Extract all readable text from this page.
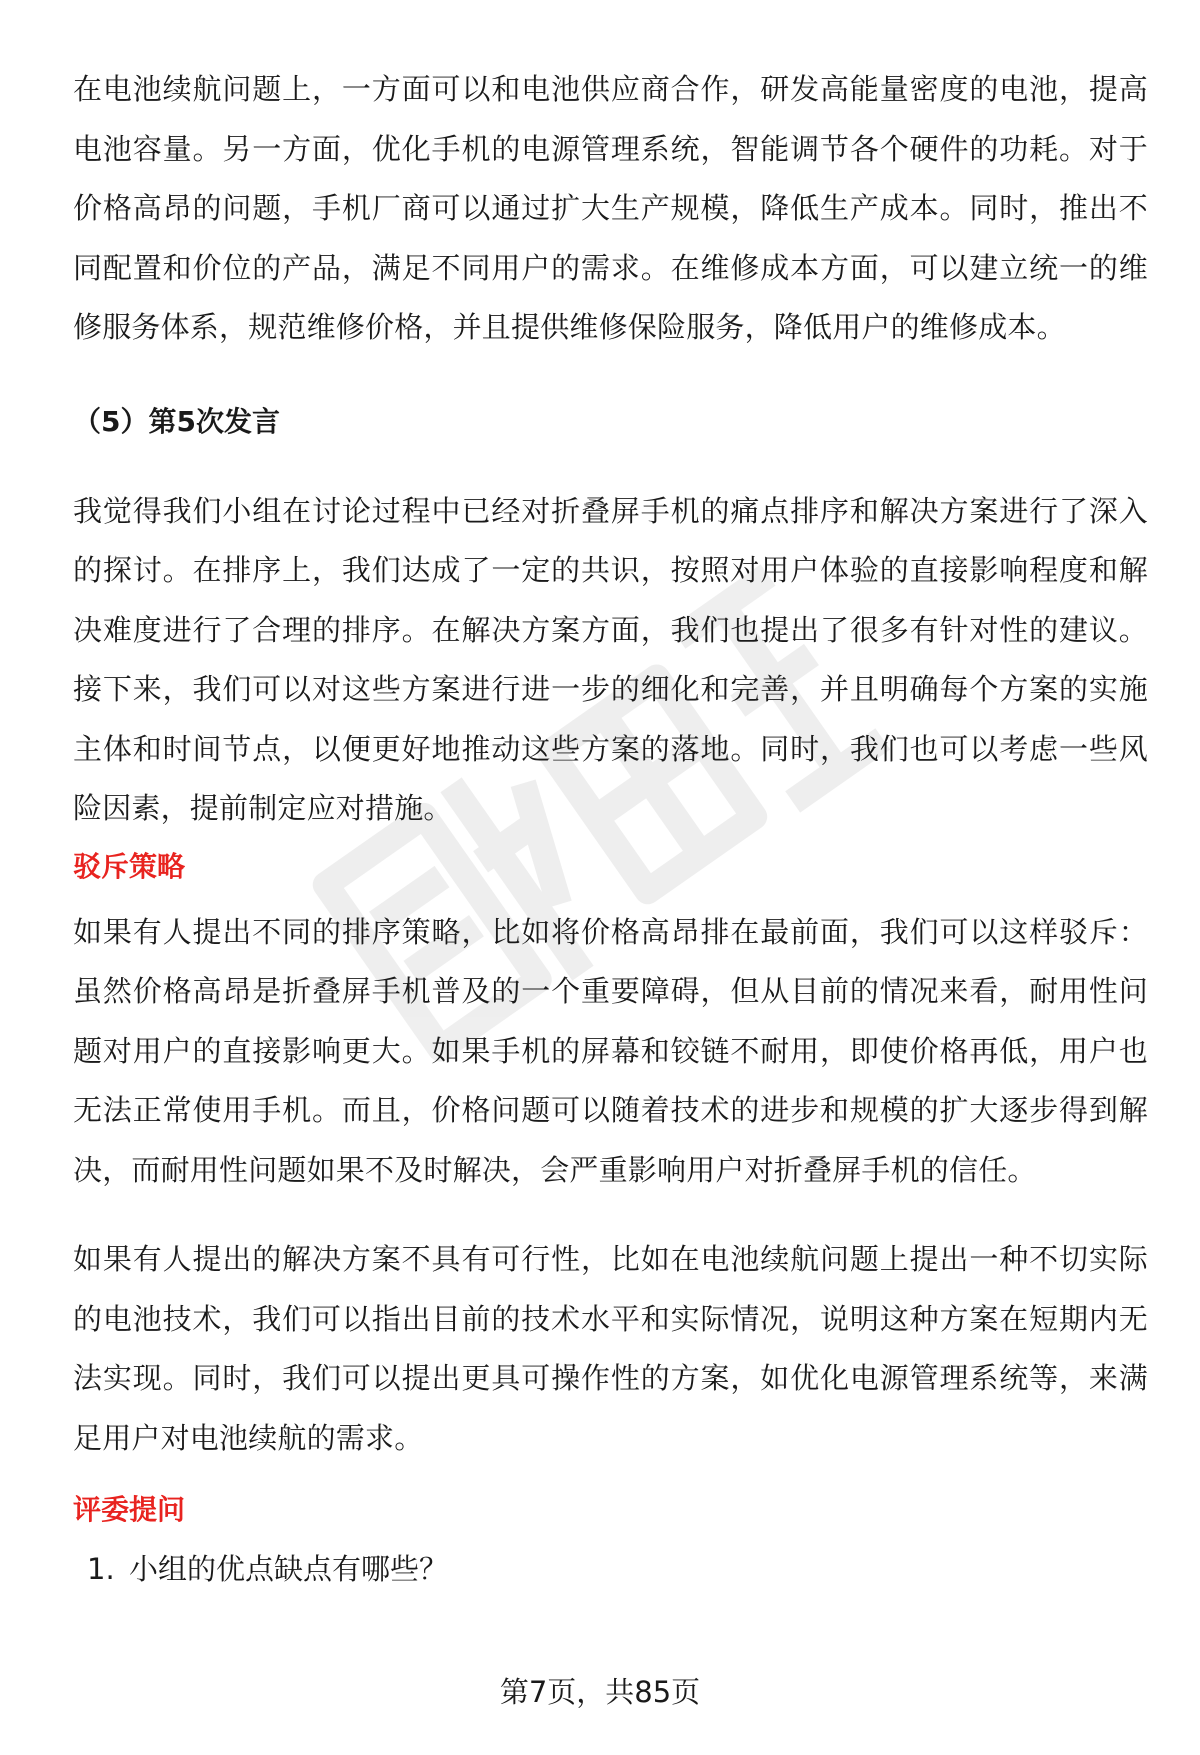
在电池续航问题上，一方面可以和电池供应商合作，研发高能量密度的电池，提高电池容量。另一方面，优化手机的电源管理系统，智能调节各个硬件的功耗。对于价格高昂的问题，手机厂商可以通过扩大生产规模，降低生产成本。同时，推出不同配置和价位的产品，满足不同用户的需求。在维修成本方面，可以建立统一的维修服务体系，规范维修价格，并且提供维修保险服务，降低用户的维修成本。

（5）第5次发言

我觉得我们小组在讨论过程中已经对折叠屏手机的痛点排序和解决方案进行了深入的探讨。在排序上，我们达成了一定的共识，按照对用户体验的直接影响程度和解决难度进行了合理的排序。在解决方案方面，我们也提出了很多有针对性的建议。接下来，我们可以对这些方案进行进一步的细化和完善，并且明确每个方案的实施主体和时间节点，以便更好地推动这些方案的落地。同时，我们也可以考虑一些风险因素，提前制定应对措施。

驳斥策略

如果有人提出不同的排序策略，比如将价格高昂排在最前面，我们可以这样驳斥：虽然价格高昂是折叠屏手机普及的一个重要障碍，但从目前的情况来看，耐用性问题对用户的直接影响更大。如果手机的屏幕和铰链不耐用，即使价格再低，用户也无法正常使用手机。而且，价格问题可以随着技术的进步和规模的扩大逐步得到解决，而耐用性问题如果不及时解决，会严重影响用户对折叠屏手机的信任。

如果有人提出的解决方案不具有可行性，比如在电池续航问题上提出一种不切实际的电池技术，我们可以指出目前的技术水平和实际情况，说明这种方案在短期内无法实现。同时，我们可以提出更具可操作性的方案，如优化电源管理系统等，来满足用户对电池续航的需求。

评委提问
1. 小组的优点缺点有哪些？
第7页，共85页
